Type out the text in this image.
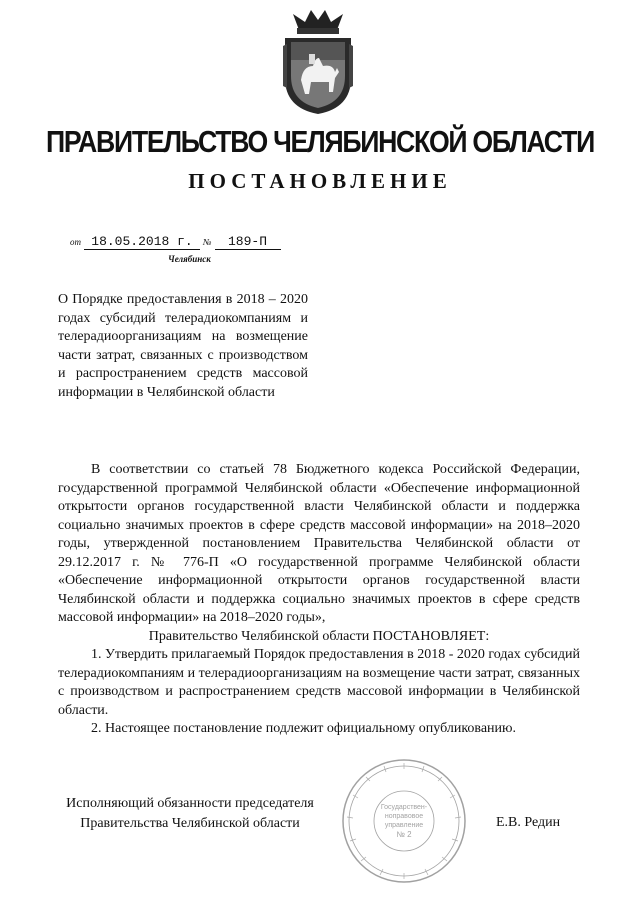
ПРАВИТЕЛЬСТВО ЧЕЛЯБИНСКОЙ ОБЛАСТИ
ПОСТАНОВЛЕНИЕ
от 18.05.2018 г. № 189-П
Челябинск
О Порядке предоставления в 2018 – 2020 годах субсидий телерадиокомпаниям и телерадиоорганизациям на возмещение части затрат, связанных с производством и распространением средств массовой информации в Челябинской области

В соответствии со статьей 78 Бюджетного кодекса Российской Федерации, государственной программой Челябинской области «Обеспечение информационной открытости органов государственной власти Челябинской области и поддержка социально значимых проектов в сфере средств массовой информации» на 2018–2020 годы, утвержденной постановлением Правительства Челябинской области от 29.12.2017 г. № 776-П «О государственной программе Челябинской области «Обеспечение информационной открытости органов государственной власти Челябинской области и поддержка социально значимых проектов в сфере средств массовой информации» на 2018–2020 годы»,

Правительство Челябинской области ПОСТАНОВЛЯЕТ:

1. Утвердить прилагаемый Порядок предоставления в 2018 - 2020 годах субсидий телерадиокомпаниям и телерадиоорганизациям на возмещение части затрат, связанных с производством и распространением средств массовой информации в Челябинской области.

2. Настоящее постановление подлежит официальному опубликованию.

Исполняющий обязанности председателя
Правительства Челябинской области	Е.В. Редин
Государствен-
ноправовое
управление
№ 2
